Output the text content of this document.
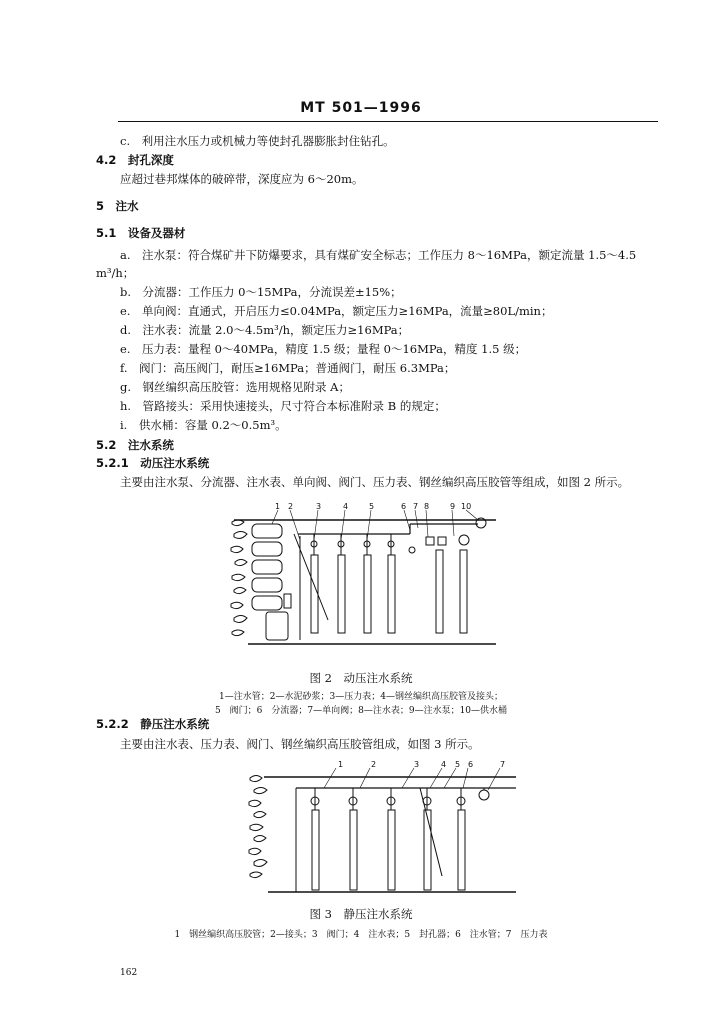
MT 501—1996
c.　利用注水压力或机械力等使封孔器膨胀封住钻孔。
4.2　封孔深度
应超过巷邦煤体的破碎带，深度应为 6～20m。
5　注水
5.1　设备及器材
a.　注水泵：符合煤矿井下防爆要求，具有煤矿安全标志；工作压力 8～16MPa，额定流量 1.5～4.5
m³/h；
b.　分流器：工作压力 0～15MPa，分流误差±15%；
e.　单向阀：直通式，开启压力≤0.04MPa，额定压力≥16MPa，流量≥80L/min；
d.　注水表：流量 2.0～4.5m³/h，额定压力≥16MPa；
e.　压力表：量程 0～40MPa，精度 1.5 级；量程 0～16MPa，精度 1.5 级；
f.　阀门：高压阀门，耐压≥16MPa；普通阀门，耐压 6.3MPa；
g.　钢丝编织高压胶管：选用规格见附录 A；
h.　管路接头：采用快速接头，尺寸符合本标准附录 B 的规定；
i.　供水桶：容量 0.2～0.5m³。
5.2　注水系统
5.2.1　动压注水系统
主要由注水泵、分流器、注水表、单向阀、阀门、压力表、钢丝编织高压胶管等组成，如图 2 所示。
1 2	3	4	5	6 7 8	9 10
图 2　动压注水系统
1—注水管；2—水泥砂浆；3—压力表；4—钢丝编织高压胶管及接头；
5　阀门；6　分流器；7—单向阀；8—注水表；9—注水泵；10—供水桶
5.2.2　静压注水系统
主要由注水表、压力表、阀门、钢丝编织高压胶管组成，如图 3 所示。
1	2	3	4 5 6	7
图 3　静压注水系统
1　钢丝编织高压胶管；2—接头；3　阀门；4　注水表；5　封孔器；6　注水管；7　压力表
162
